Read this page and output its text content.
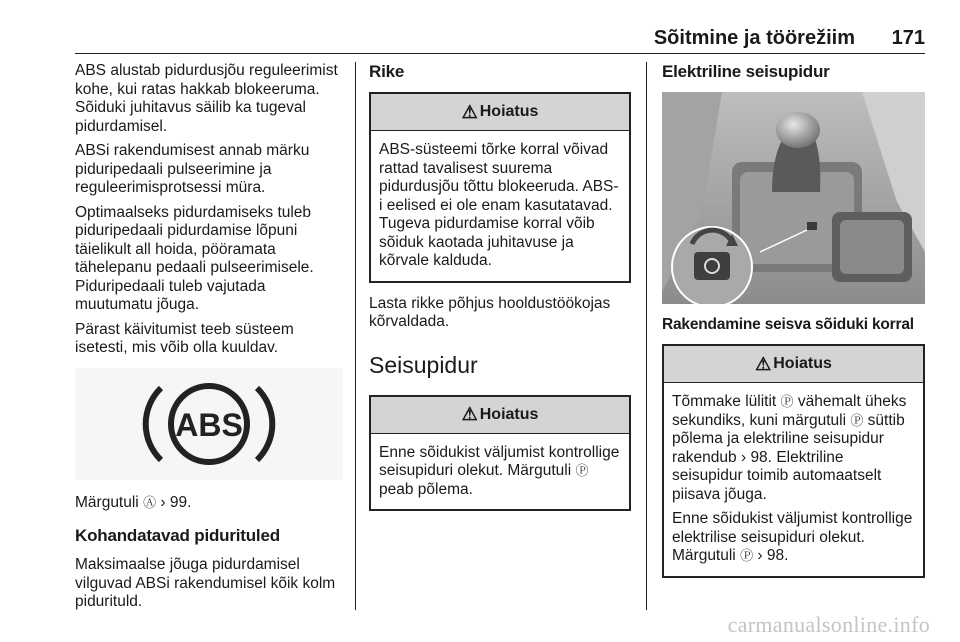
Sõitmine ja töörežiim 171

ABS alustab pidurdusjõu reguleerimist kohe, kui ratas hakkab blokeeruma. Sõiduki juhitavus säilib ka tugeval pidurdamisel.

ABSi rakendumisest annab märku piduripedaali pulseerimine ja reguleerimisprotsessi müra.

Optimaalseks pidurdamiseks tuleb piduripedaali pidurdamise lõpuni täielikult all hoida, pööramata tähelepanu pedaali pulseerimisele. Piduripedaali tuleb vajutada muutumatu jõuga.

Pärast käivitumist teeb süsteem isetesti, mis võib olla kuuldav.

ABS

Märgutuli Ⓐ › 99.

Kohandatavad pidurituled

Maksimaalse jõuga pidurdamisel vilguvad ABSi rakendumisel kõik kolm pidurituld.

Rike
⚠ Hoiatus

ABS-süsteemi tõrke korral võivad rattad tavalisest suurema pidurdusjõu tõttu blokeeruda. ABS-i eelised ei ole enam kasutatavad. Tugeva pidurdamise korral võib sõiduk kaotada juhitavuse ja kõrvale kalduda.

Lasta rikke põhjus hooldustöökojas kõrvaldada.

Seisupidur
⚠ Hoiatus

Enne sõidukist väljumist kontrollige seisupiduri olekut. Märgutuli Ⓟ peab põlema.

Elektriline seisupidur
Rakendamine seisva sõiduki korral
⚠ Hoiatus

Tõmmake lülitit Ⓟ vähemalt üheks sekundiks, kuni märgutuli Ⓟ süttib põlema ja elektriline seisupidur rakendub › 98. Elektriline seisupidur toimib automaatselt piisava jõuga.

Enne sõidukist väljumist kontrollige elektrilise seisupiduri olekut. Märgutuli Ⓟ › 98.

carmanualsonline.info
